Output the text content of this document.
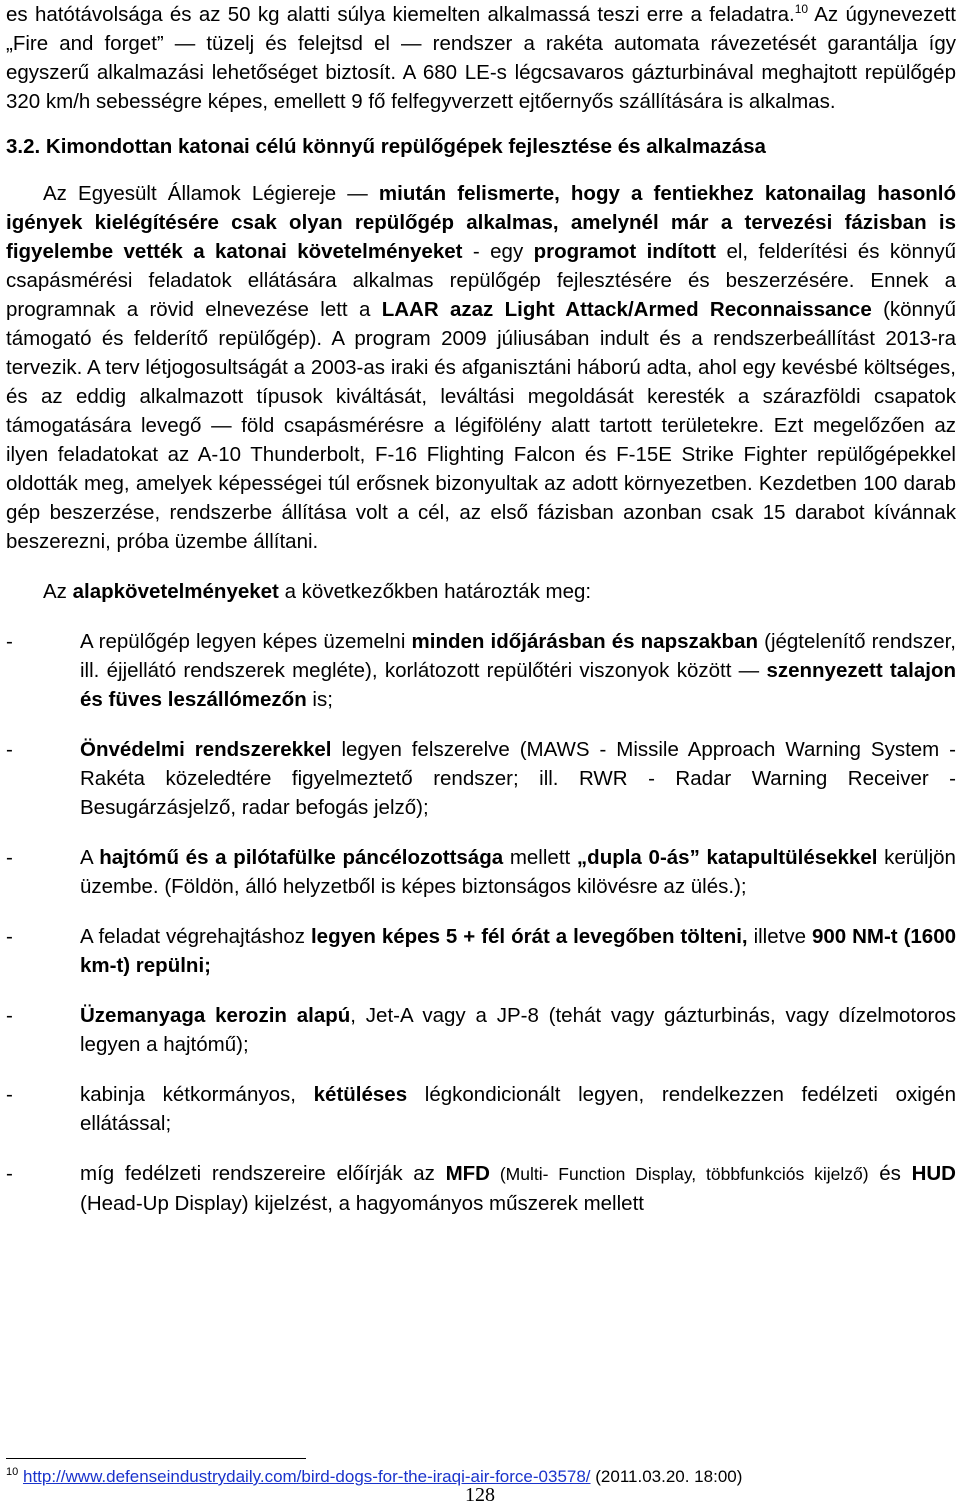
es hatótávolsága és az 50 kg alatti súlya kiemelten alkalmassá teszi erre a feladatra.$^{10}$ Az úgynevezett „Fire and forget” — tüzelj és felejtsd el — rendszer a rakéta automata rávezetését garantálja így egyszerű alkalmazási lehetőséget biztosít. A 680 LE-s légcsavaros gázturbinával meghajtott repülőgép 320 km/h sebességre képes, emellett 9 fő felfegyverzett ejtőernyős szállítására is alkalmas.

3.2. Kimondottan katonai célú könnyű repülőgépek fejlesztése és alkalmazása

Az Egyesült Államok Légiereje — miután felismerte, hogy a fentiekhez katonailag hasonló igények kielégítésére csak olyan repülőgép alkalmas, amelynél már a tervezési fázisban is figyelembe vették a katonai követelményeket - egy programot indított el, felderítési és könnyű csapásmérési feladatok ellátására alkalmas repülőgép fejlesztésére és beszerzésére. Ennek a programnak a rövid elnevezése lett a LAAR azaz Light Attack/Armed Reconnaissance (könnyű támogató és felderítő repülőgép). A program 2009 júliusában indult és a rendszerbeállítást 2013-ra tervezik. A terv létjogosultságát a 2003-as iraki és afganisztáni háború adta, ahol egy kevésbé költséges, és az eddig alkalmazott típusok kiváltását, leváltási megoldását keresték a szárazföldi csapatok támogatására levegő — föld csapásmérésre a légifölény alatt tartott területekre. Ezt megelőzően az ilyen feladatokat az A-10 Thunderbolt, F-16 Flighting Falcon és F-15E Strike Fighter repülőgépekkel oldották meg, amelyek képességei túl erősnek bizonyultak az adott környezetben. Kezdetben 100 darab gép beszerzése, rendszerbe állítása volt a cél, az első fázisban azonban csak 15 darabot kívánnak beszerezni, próba üzembe állítani.

Az alapkövetelményeket a következőkben határozták meg:

-	A repülőgép legyen képes üzemelni minden időjárásban és napszakban (jégtelenítő rendszer, ill. éjjellátó rendszerek megléte), korlátozott repülőtéri viszonyok között — szennyezett talajon és füves leszállómezőn is;
-	Önvédelmi rendszerekkel legyen felszerelve (MAWS - Missile Approach Warning System - Rakéta közeledtére figyelmeztető rendszer; ill. RWR - Radar Warning Receiver - Besugárzásjelző, radar befogás jelző);
-	A hajtómű és a pilótafülke páncélozottsága mellett „dupla 0-ás” katapultülésekkel kerüljön üzembe. (Földön, álló helyzetből is képes biztonságos kilövésre az ülés.);
-	A feladat végrehajtáshoz legyen képes 5 + fél órát a levegőben tölteni, illetve 900 NM-t (1600 km-t) repülni;
-	Üzemanyaga kerozin alapú, Jet-A vagy a JP-8 (tehát vagy gázturbinás, vagy dízelmotoros legyen a hajtómű);
-	kabinja kétkormányos, kétüléses légkondicionált legyen, rendelkezzen fedélzeti oxigén ellátással;
-	míg fedélzeti rendszereire előírják az MFD (Multi- Function Display, többfunkciós kijelző) és HUD (Head-Up Display) kijelzést, a hagyományos műszerek mellett
$^{10}$ http://www.defenseindustrydaily.com/bird-dogs-for-the-iraqi-air-force-03578/ (2011.03.20. 18:00)
128
